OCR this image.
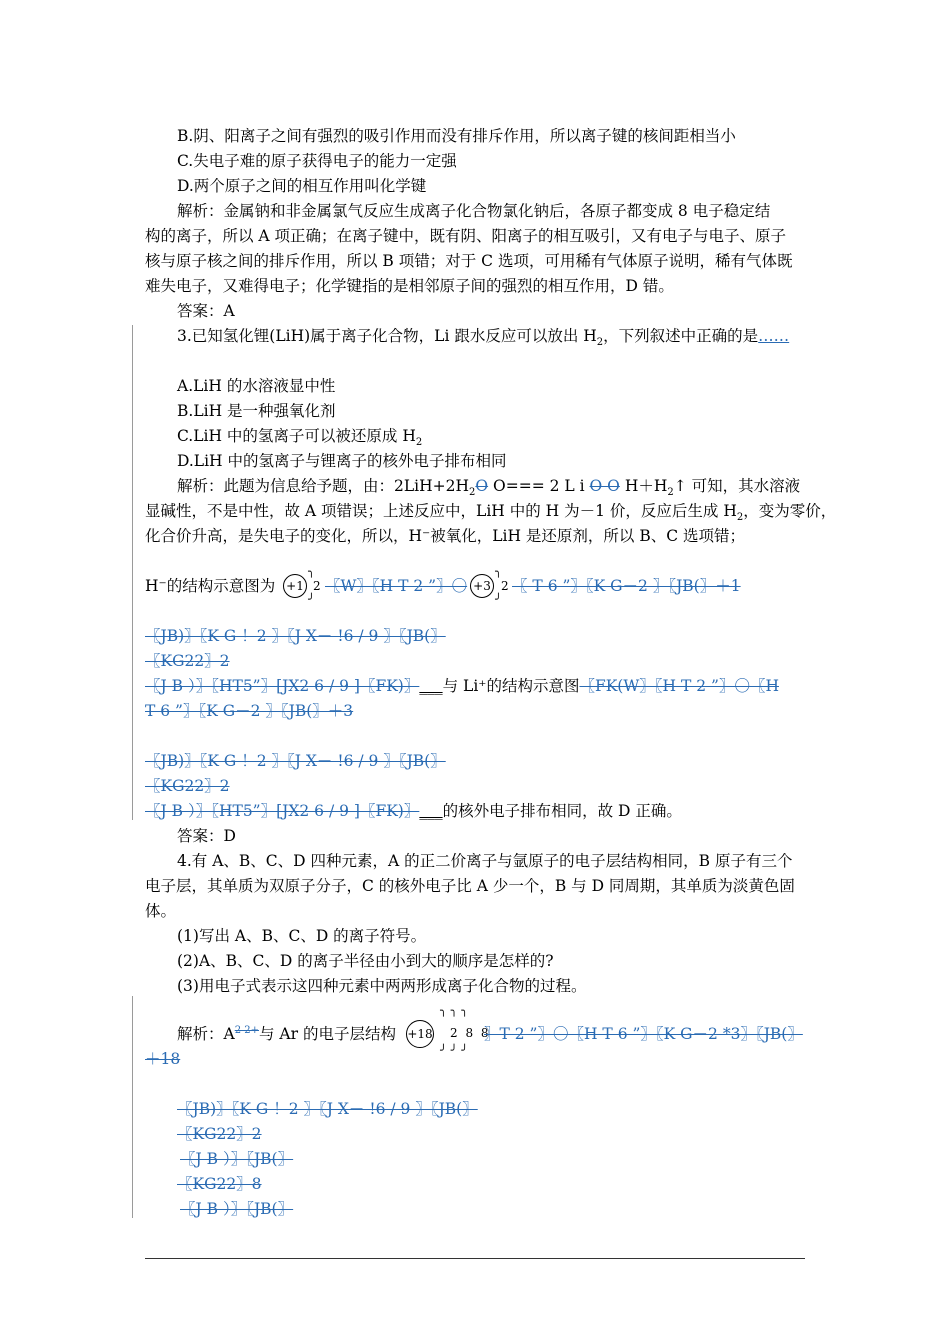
B.阴、阳离子之间有强烈的吸引作用而没有排斥作用，所以离子键的核间距相当小
C.失电子难的原子获得电子的能力一定强
D.两个原子之间的相互作用叫化学键
解析：金属钠和非金属氯气反应生成离子化合物氯化钠后，各原子都变成 8 电子稳定结
构的离子，所以 A 项正确；在离子键中，既有阴、阳离子的相互吸引，又有电子与电子、原子
核与原子核之间的排斥作用，所以 B 项错；对于 C 选项，可用稀有气体原子说明，稀有气体既
难失电子，又难得电子；化学键指的是相邻原子间的强烈的相互作用，D 错。
答案：A
3.已知氢化锂(LiH)属于离子化合物，Li 跟水反应可以放出 $H_2$，下列叙述中正确的是……
A.LiH 的水溶液显中性
B.LiH 是一种强氧化剂
C.LiH 中的氢离子可以被还原成 $H_2$
D.LiH 中的氢离子与锂离子的核外电子排布相同
解析：此题为信息给予题，由：$2LiH+2H_2O$ O=== 2 L i O O $H+H_2↑$ 可知，其水溶液
显碱性，不是中性，故 A 项错误；上述反应中，LiH 中的 H 为－1 价，反应后生成 $H_2$，变为零价，
化合价升高，是失电子的变化，所以，H⁻被氧化，LiH 是还原剂，所以 B、C 选项错；
H⁻的结构示意图为 +1
╮
2
╯
〖W〗〖H T 2 ”〗〇 +3
╮
2
╯
〖 T 6 ”〗〖K G－2 〗〖JB(〗＋1
〖JB)〗〖K G ！2 〗〖J X－ !6 / 9 〗〖JB(〗
〖KG22〗2
〖J B ）〗〖HT5”〗[JX2 6 / 9 ]〖FK)〗___与 Li⁺的结构示意图〖FK(W〗〖H T 2 ”〗〇〖H
T 6 ”〗〖K G－2 〗〖JB(〗＋3
〖JB)〗〖K G ！2 〗〖J X－ !6 / 9 〗〖JB(〗
〖KG22〗2
〖J B ）〗〖HT5”〗[JX2 6 / 9 ]〖FK)〗___的核外电子排布相同，故 D 正确。
答案：D
4.有 A、B、C、D 四种元素，A 的正二价离子与氩原子的电子层结构相同，B 原子有三个
电子层，其单质为双原子分子，C 的核外电子比 A 少一个，B 与 D 同周期，其单质为淡黄色固
体。
(1)写出 A、B、C、D 的离子符号。
(2)A、B、C、D 的离子半径由小到大的顺序是怎样的?
(3)用电子式表示这四种元素中两两形成离子化合物的过程。
解析：$A^{2 2+}$与 Ar 的电子层结构 +18
╮╮╮
2 8 8
╯╯╯
〗T 2 ”〗〇〖H T 6 ”〗〖K G－2 *3〗〖JB(〗
＋18
〖JB)〗〖K G ！2 〗〖J X－ !6 / 9 〗〖JB(〗
〖KG22〗2
〖J B ）〗〖JB(〗
〖KG22〗8
〖J B ）〗〖JB(〗
